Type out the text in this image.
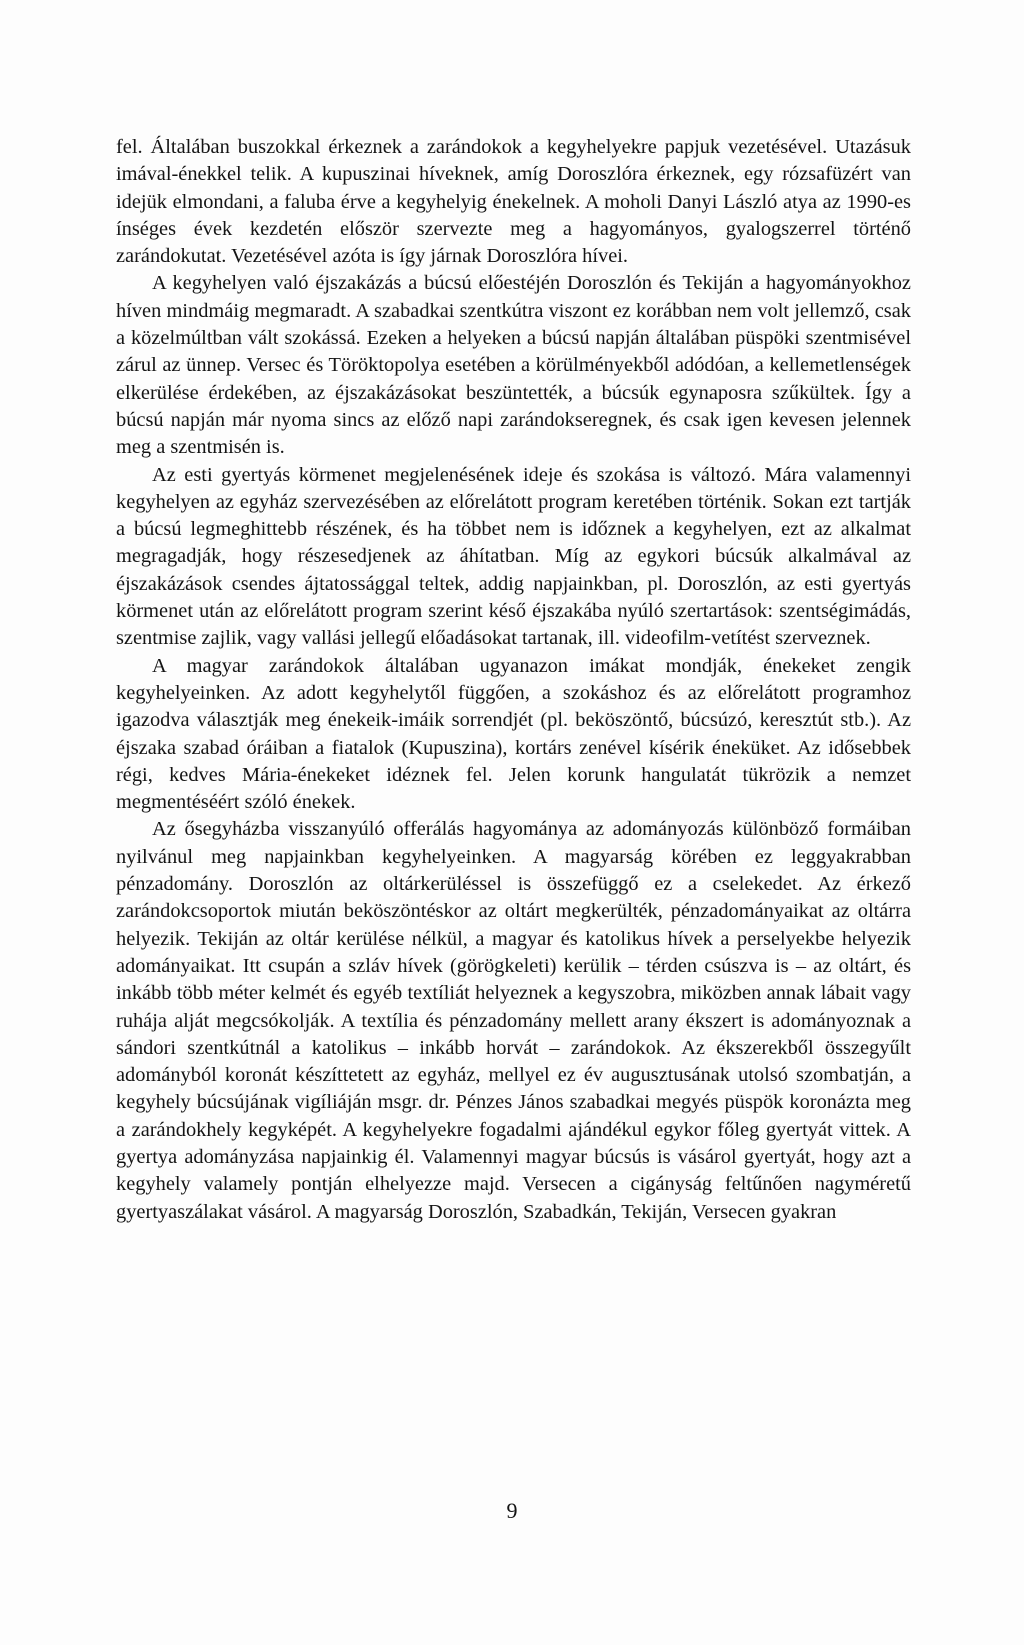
fel. Általában buszokkal érkeznek a zarándokok a kegyhelyekre papjuk vezetésével. Utazásuk imával-énekkel telik. A kupuszinai híveknek, amíg Doroszlóra érkeznek, egy rózsafüzért van idejük elmondani, a faluba érve a kegyhelyig énekelnek. A moholi Danyi László atya az 1990-es ínséges évek kezdetén először szervezte meg a hagyományos, gyalogszerrel történő zarándokutat. Vezetésével azóta is így járnak Doroszlóra hívei.

A kegyhelyen való éjszakázás a búcsú előestéjén Doroszlón és Tekiján a hagyományokhoz híven mindmáig megmaradt. A szabadkai szentkútra viszont ez korábban nem volt jellemző, csak a közelmúltban vált szokássá. Ezeken a helyeken a búcsú napján általában püspöki szentmisével zárul az ünnep. Versec és Töröktopolya esetében a körülményekből adódóan, a kellemetlenségek elkerülése érdekében, az éjszakázásokat beszüntették, a búcsúk egynaposra szűkültek. Így a búcsú napján már nyoma sincs az előző napi zarándokseregnek, és csak igen kevesen jelennek meg a szentmisén is.

Az esti gyertyás körmenet megjelenésének ideje és szokása is változó. Mára valamennyi kegyhelyen az egyház szervezésében az előrelátott program keretében történik. Sokan ezt tartják a búcsú legmeghittebb részének, és ha többet nem is időznek a kegyhelyen, ezt az alkalmat megragadják, hogy részesedjenek az áhítatban. Míg az egykori búcsúk alkalmával az éjszakázások csendes ájtatossággal teltek, addig napjainkban, pl. Doroszlón, az esti gyertyás körmenet után az előrelátott program szerint késő éjszakába nyúló szertartások: szentségimádás, szentmise zajlik, vagy vallási jellegű előadásokat tartanak, ill. videofilm-vetítést szerveznek.

A magyar zarándokok általában ugyanazon imákat mondják, énekeket zengik kegyhelyeinken. Az adott kegyhelytől függően, a szokáshoz és az előrelátott programhoz igazodva választják meg énekeik-imáik sorrendjét (pl. beköszöntő, búcsúzó, keresztút stb.). Az éjszaka szabad óráiban a fiatalok (Kupuszina), kortárs zenével kísérik éneküket. Az idősebbek régi, kedves Mária-énekeket idéznek fel. Jelen korunk hangulatát tükrözik a nemzet megmentéséért szóló énekek.

Az ősegyházba visszanyúló offerálás hagyománya az adományozás különböző formáiban nyilvánul meg napjainkban kegyhelyeinken. A magyarság körében ez leggyakrabban pénzadomány. Doroszlón az oltárkerüléssel is összefüggő ez a cselekedet. Az érkező zarándokcsoportok miután beköszöntéskor az oltárt megkerülték, pénzadományaikat az oltárra helyezik. Tekiján az oltár kerülése nélkül, a magyar és katolikus hívek a perselyekbe helyezik adományaikat. Itt csupán a szláv hívek (görögkeleti) kerülik – térden csúszva is – az oltárt, és inkább több méter kelmét és egyéb textíliát helyeznek a kegyszobra, miközben annak lábait vagy ruhája alját megcsókolják. A textília és pénzadomány mellett arany ékszert is adományoznak a sándori szentkútnál a katolikus – inkább horvát – zarándokok. Az ékszerekből összegyűlt adományból koronát készíttetett az egyház, mellyel ez év augusztusának utolsó szombatján, a kegyhely búcsújának vigíliáján msgr. dr. Pénzes János szabadkai megyés püspök koronázta meg a zarándokhely kegyképét. A kegyhelyekre fogadalmi ajándékul egykor főleg gyertyát vittek. A gyertya adományzása napjainkig él. Valamennyi magyar búcsús is vásárol gyertyát, hogy azt a kegyhely valamely pontján elhelyezze majd. Versecen a cigányság feltűnően nagyméretű gyertyaszálakat vásárol. A magyarság Doroszlón, Szabadkán, Tekiján, Versecen gyakran

9
